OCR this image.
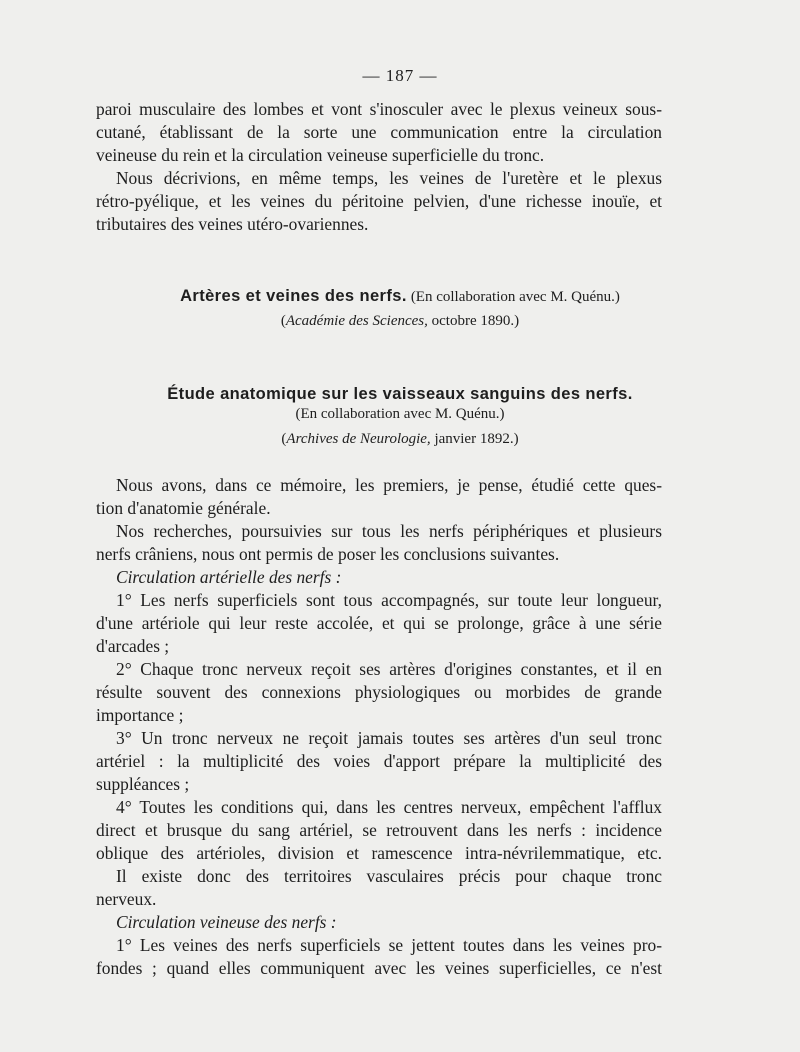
— 187 —
paroi musculaire des lombes et vont s'inosculer avec le plexus veineux sous-
cutané, établissant de la sorte une communication entre la circulation
veineuse du rein et la circulation veineuse superficielle du tronc.
Nous décrivions, en même temps, les veines de l'uretère et le plexus
rétro-pyélique, et les veines du péritoine pelvien, d'une richesse inouïe, et
tributaires des veines utéro-ovariennes.
Artères et veines des nerfs. (En collaboration avec M. Quénu.)
(Académie des Sciences, octobre 1890.)
Étude anatomique sur les vaisseaux sanguins des nerfs.
(En collaboration avec M. Quénu.)
(Archives de Neurologie, janvier 1892.)
Nous avons, dans ce mémoire, les premiers, je pense, étudié cette ques-
tion d'anatomie générale.
Nos recherches, poursuivies sur tous les nerfs périphériques et plusieurs
nerfs crâniens, nous ont permis de poser les conclusions suivantes.
Circulation artérielle des nerfs :
1° Les nerfs superficiels sont tous accompagnés, sur toute leur longueur,
d'une artériole qui leur reste accolée, et qui se prolonge, grâce à une série
d'arcades ;
2° Chaque tronc nerveux reçoit ses artères d'origines constantes, et il en
résulte souvent des connexions physiologiques ou morbides de grande
importance ;
3° Un tronc nerveux ne reçoit jamais toutes ses artères d'un seul tronc
artériel : la multiplicité des voies d'apport prépare la multiplicité des
suppléances ;
4° Toutes les conditions qui, dans les centres nerveux, empêchent l'afflux
direct et brusque du sang artériel, se retrouvent dans les nerfs : incidence
oblique des artérioles, division et ramescence intra-névrilemmatique, etc.
Il existe donc des territoires vasculaires précis pour chaque tronc
nerveux.
Circulation veineuse des nerfs :
1° Les veines des nerfs superficiels se jettent toutes dans les veines pro-
fondes ; quand elles communiquent avec les veines superficielles, ce n'est
